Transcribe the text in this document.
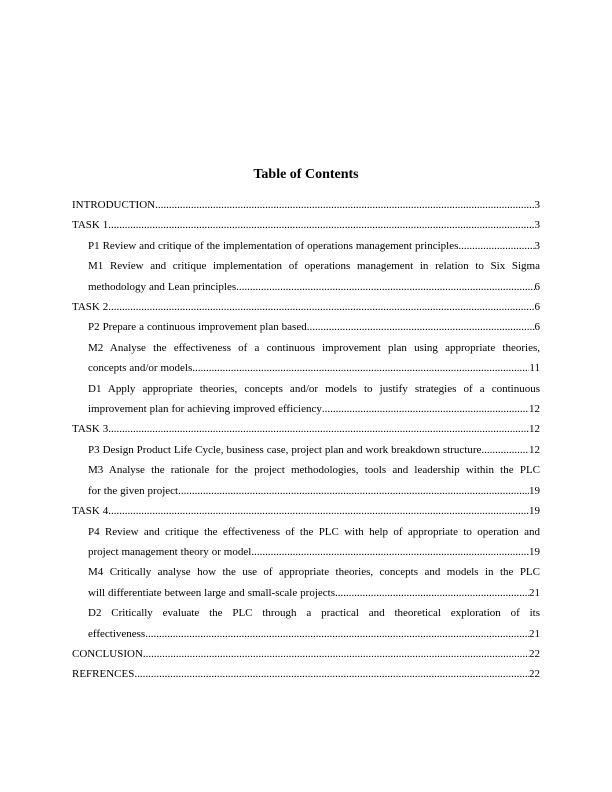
Table of Contents
INTRODUCTION .....	3
TASK 1 .....	3
P1 Review and critique of the implementation of operations management principles .....	3
M1 Review and critique implementation of operations management in relation to Six Sigma
methodology and Lean principles .....	6
TASK 2 .....	6
P2 Prepare a continuous improvement plan based .....	6
M2 Analyse the effectiveness of a continuous improvement plan using appropriate theories,
concepts and/or models .....	11
D1 Apply appropriate theories, concepts and/or models to justify strategies of a continuous
improvement plan for achieving improved efficiency .....	12
TASK 3 .....	12
P3 Design Product Life Cycle, business case, project plan and work breakdown structure .....	12
M3 Analyse the rationale for the project methodologies, tools and leadership within the PLC
for the given project .....	19
TASK 4 .....	19
P4 Review and critique the effectiveness of the PLC with help of appropriate to operation and
project management theory or model .....	19
M4 Critically analyse how the use of appropriate theories, concepts and models in the PLC
will differentiate between large and small-scale projects .....	21
D2 Critically evaluate the PLC through a practical and theoretical exploration of its
effectiveness .....	21
CONCLUSION .....	22
REFRENCES .....	22
